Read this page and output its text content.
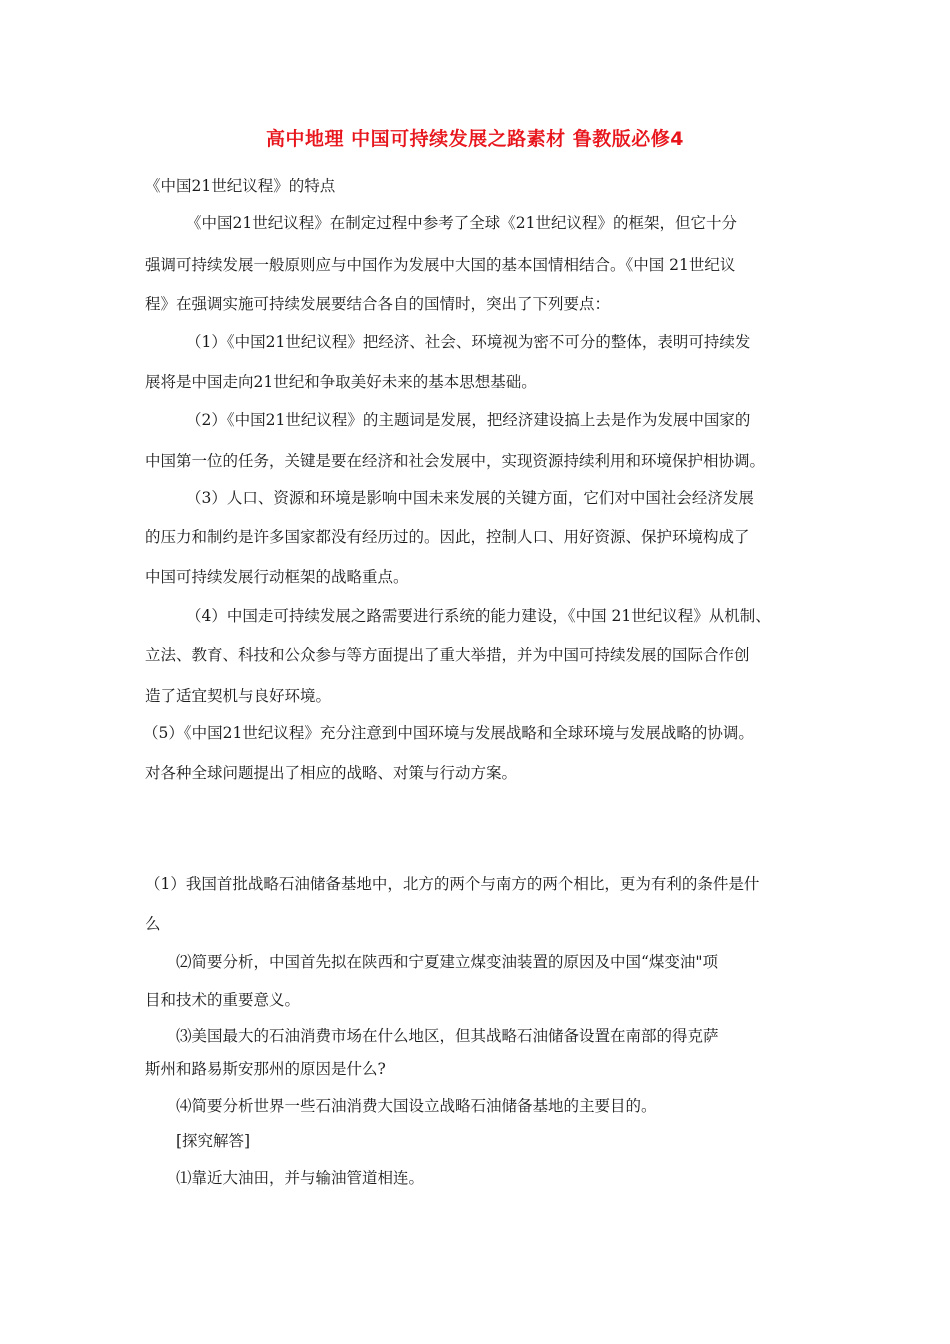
高中地理 中国可持续发展之路素材 鲁教版必修4
《中国21世纪议程》的特点
《中国21世纪议程》在制定过程中参考了全球《21世纪议程》的框架，但它十分
强调可持续发展一般原则应与中国作为发展中大国的基本国情相结合。《中国 21世纪议
程》在强调实施可持续发展要结合各自的国情时，突出了下列要点：
（1）《中国21世纪议程》把经济、社会、环境视为密不可分的整体，表明可持续发
展将是中国走向21世纪和争取美好未来的基本思想基础。
（2）《中国21世纪议程》的主题词是发展，把经济建设搞上去是作为发展中国家的
中国第一位的任务，关键是要在经济和社会发展中，实现资源持续利用和环境保护相协调。
（3）人口、资源和环境是影响中国未来发展的关键方面，它们对中国社会经济发展
的压力和制约是许多国家都没有经历过的。因此，控制人口、用好资源、保护环境构成了
中国可持续发展行动框架的战略重点。
（4）中国走可持续发展之路需要进行系统的能力建设，《中国 21世纪议程》从机制、
立法、教育、科技和公众参与等方面提出了重大举措，并为中国可持续发展的国际合作创
造了适宜契机与良好环境。
（5）《中国21世纪议程》充分注意到中国环境与发展战略和全球环境与发展战略的协调。
对各种全球问题提出了相应的战略、对策与行动方案。
（1）我国首批战略石油储备基地中，北方的两个与南方的两个相比，更为有利的条件是什
么
⑵简要分析，中国首先拟在陕西和宁夏建立煤变油装置的原因及中国“煤变油"项
目和技术的重要意义。
⑶美国最大的石油消费市场在什么地区，但其战略石油储备设置在南部的得克萨
斯州和路易斯安那州的原因是什么?
⑷简要分析世界一些石油消费大国设立战略石油储备基地的主要目的。
[探究解答]
⑴靠近大油田，并与输油管道相连。
